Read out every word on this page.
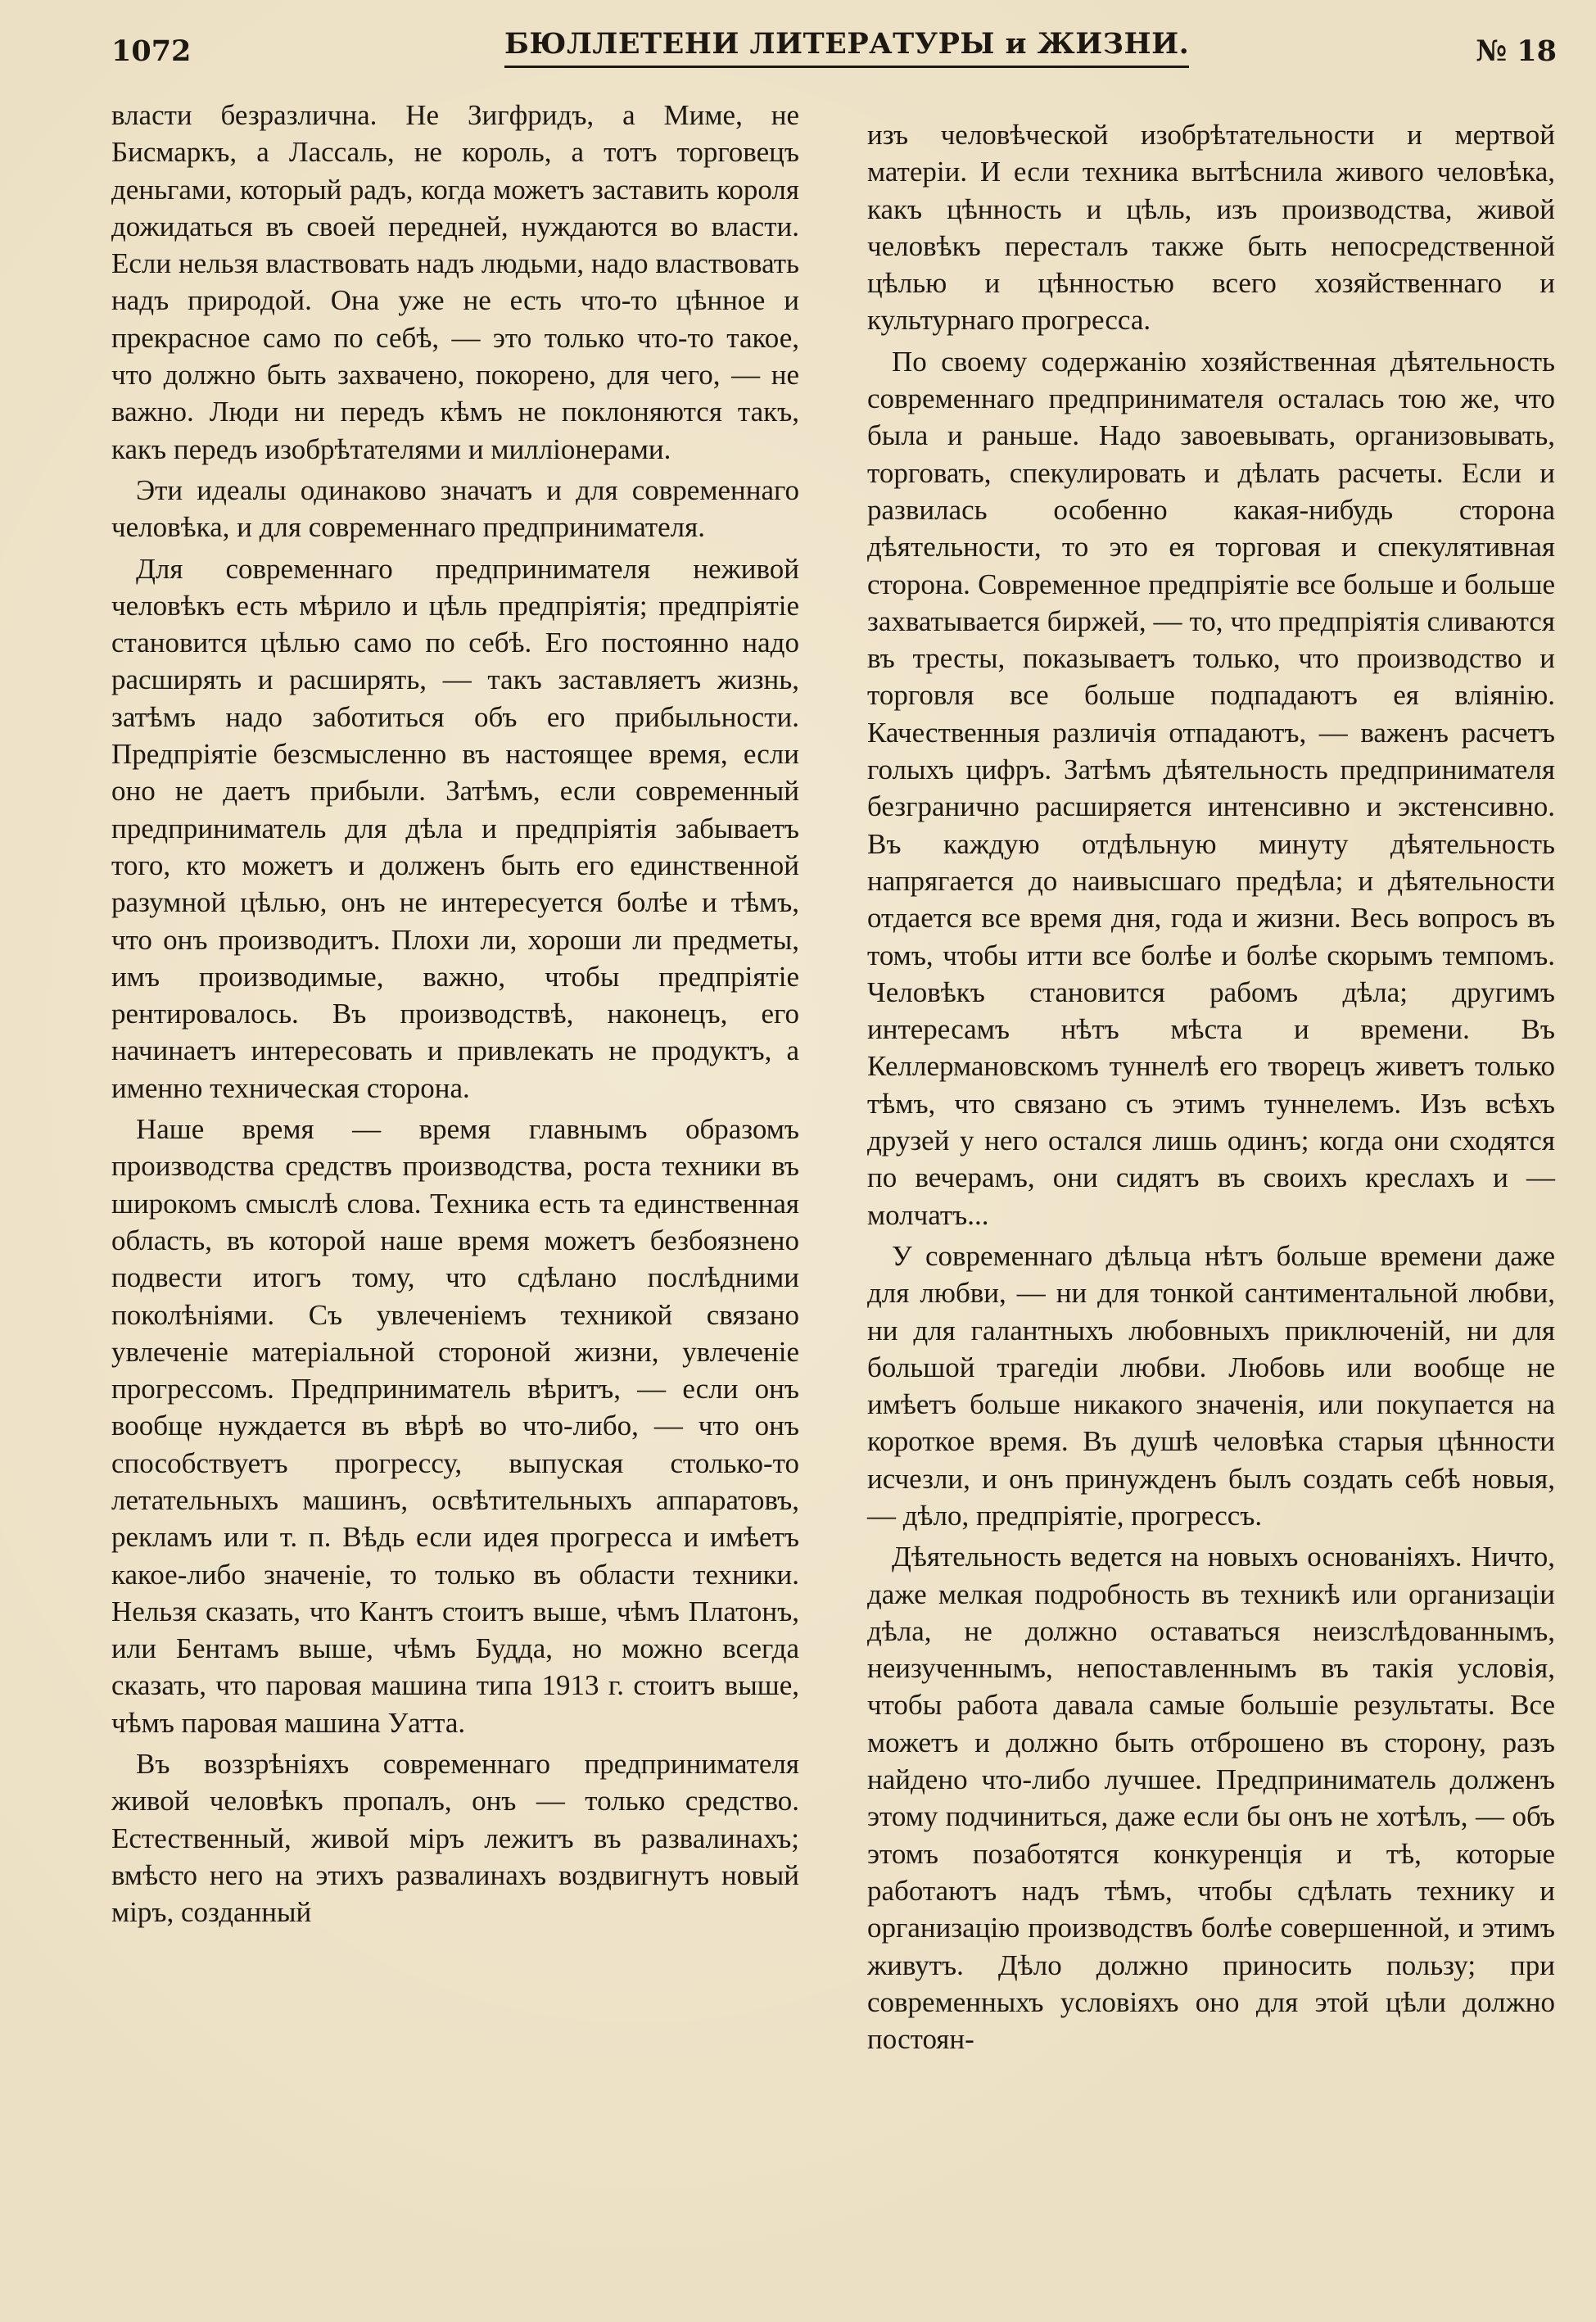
1072	БЮЛЛЕТЕНИ ЛИТЕРАТУРЫ и ЖИЗНИ.	№ 18

власти безразлична. Не Зигфридъ, а Миме, не Бисмаркъ, а Лассаль, не король, а тотъ торговецъ деньгами, который радъ, когда можетъ заставить короля дожидаться въ своей передней, нуждаются во власти. Если нельзя властвовать надъ людьми, надо властвовать надъ природой. Она уже не есть что-то цѣнное и прекрасное само по себѣ, — это только что-то такое, что должно быть захвачено, покорено, для чего, — не важно. Люди ни передъ кѣмъ не поклоняются такъ, какъ передъ изобрѣтателями и милліонерами.

Эти идеалы одинаково значатъ и для современнаго человѣка, и для современнаго предпринимателя.

Для современнаго предпринимателя неживой человѣкъ есть мѣрило и цѣль предпріятія; предпріятіе становится цѣлью само по себѣ. Его постоянно надо расширять и расширять, — такъ заставляетъ жизнь, затѣмъ надо заботиться объ его прибыльности. Предпріятіе безсмысленно въ настоящее время, если оно не даетъ прибыли. Затѣмъ, если современный предприниматель для дѣла и предпріятія забываетъ того, кто можетъ и долженъ быть его единственной разумной цѣлью, онъ не интересуется болѣе и тѣмъ, что онъ производитъ. Плохи ли, хороши ли предметы, имъ производимые, важно, чтобы предпріятіе рентировалось. Въ производствѣ, наконецъ, его начинаетъ интересовать и привлекать не продуктъ, а именно техническая сторона.

Наше время — время главнымъ образомъ производства средствъ производства, роста техники въ широкомъ смыслѣ слова. Техника есть та единственная область, въ которой наше время можетъ безбоязнено подвести итогъ тому, что сдѣлано послѣдними поколѣніями. Съ увлеченіемъ техникой связано увлеченіе матеріальной стороной жизни, увлеченіе прогрессомъ. Предприниматель вѣритъ, — если онъ вообще нуждается въ вѣрѣ во что-либо, — что онъ способствуетъ прогрессу, выпуская столько-то летательныхъ машинъ, освѣтительныхъ аппаратовъ, рекламъ или т. п. Вѣдь если идея прогресса и имѣетъ какое-либо значеніе, то только въ области техники. Нельзя сказать, что Кантъ стоитъ выше, чѣмъ Платонъ, или Бентамъ выше, чѣмъ Будда, но можно всегда сказать, что паровая машина типа 1913 г. стоитъ выше, чѣмъ паровая машина Уатта.

Въ воззрѣніяхъ современнаго предпринимателя живой человѣкъ пропалъ, онъ — только средство. Естественный, живой міръ лежитъ въ развалинахъ; вмѣсто него на этихъ развалинахъ воздвигнутъ новый міръ, созданный

изъ человѣческой изобрѣтательности и мертвой матеріи. И если техника вытѣснила живого человѣка, какъ цѣнность и цѣль, изъ производства, живой человѣкъ пересталъ также быть непосредственной цѣлью и цѣнностью всего хозяйственнаго и культурнаго прогресса.

По своему содержанію хозяйственная дѣятельность современнаго предпринимателя осталась тою же, что была и раньше. Надо завоевывать, организовывать, торговать, спекулировать и дѣлать расчеты. Если и развилась особенно какая-нибудь сторона дѣятельности, то это ея торговая и спекулятивная сторона. Современное предпріятіе все больше и больше захватывается биржей, — то, что предпріятія сливаются въ тресты, показываетъ только, что производство и торговля все больше подпадаютъ ея вліянію. Качественныя различія отпадаютъ, — важенъ расчетъ голыхъ цифръ. Затѣмъ дѣятельность предпринимателя безгранично расширяется интенсивно и экстенсивно. Въ каждую отдѣльную минуту дѣятельность напрягается до наивысшаго предѣла; и дѣятельности отдается все время дня, года и жизни. Весь вопросъ въ томъ, чтобы итти все болѣе и болѣе скорымъ темпомъ. Человѣкъ становится рабомъ дѣла; другимъ интересамъ нѣтъ мѣста и времени. Въ Келлермановскомъ туннелѣ его творецъ живетъ только тѣмъ, что связано съ этимъ туннелемъ. Изъ всѣхъ друзей у него остался лишь одинъ; когда они сходятся по вечерамъ, они сидятъ въ своихъ креслахъ и — молчатъ...

У современнаго дѣльца нѣтъ больше времени даже для любви, — ни для тонкой сантиментальной любви, ни для галантныхъ любовныхъ приключеній, ни для большой трагедіи любви. Любовь или вообще не имѣетъ больше никакого значенія, или покупается на короткое время. Въ душѣ человѣка старыя цѣнности исчезли, и онъ принужденъ былъ создать себѣ новыя, — дѣло, предпріятіе, прогрессъ.

Дѣятельность ведется на новыхъ основаніяхъ. Ничто, даже мелкая подробность въ техникѣ или организаціи дѣла, не должно оставаться неизслѣдованнымъ, неизученнымъ, непоставленнымъ въ такія условія, чтобы работа давала самые большіе результаты. Все можетъ и должно быть отброшено въ сторону, разъ найдено что-либо лучшее. Предприниматель долженъ этому подчиниться, даже если бы онъ не хотѣлъ, — объ этомъ позаботятся конкуренція и тѣ, которые работаютъ надъ тѣмъ, чтобы сдѣлать технику и организацію производствъ болѣе совершенной, и этимъ живутъ. Дѣло должно приносить пользу; при современныхъ условіяхъ оно для этой цѣли должно постоян-
